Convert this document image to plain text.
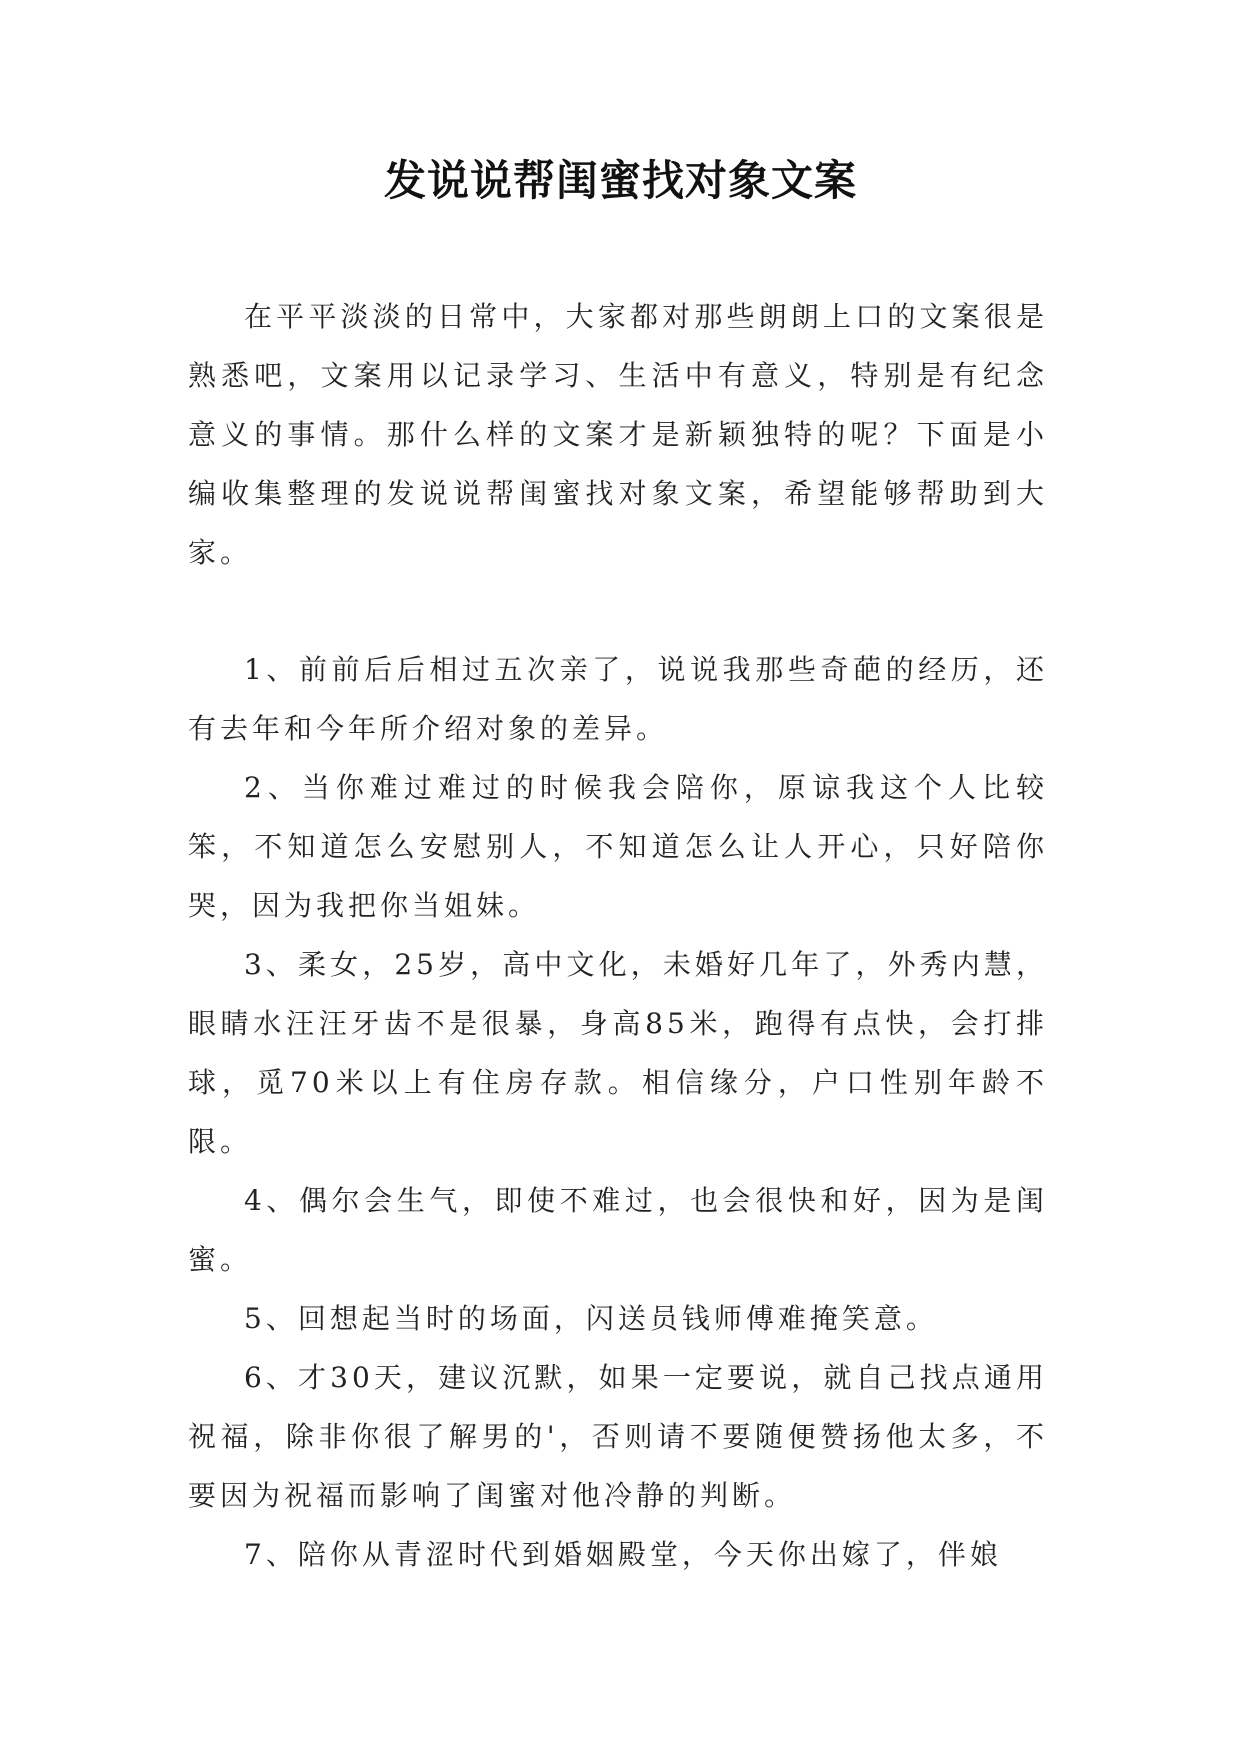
发说说帮闺蜜找对象文案

在平平淡淡的日常中，大家都对那些朗朗上口的文案很是熟悉吧，文案用以记录学习、生活中有意义，特别是有纪念意义的事情。那什么样的文案才是新颖独特的呢？下面是小编收集整理的发说说帮闺蜜找对象文案，希望能够帮助到大家。

1、前前后后相过五次亲了，说说我那些奇葩的经历，还有去年和今年所介绍对象的差异。

2、当你难过难过的时候我会陪你，原谅我这个人比较笨，不知道怎么安慰别人，不知道怎么让人开心，只好陪你哭，因为我把你当姐妹。

3、柔女，25岁，高中文化，未婚好几年了，外秀内慧，眼睛水汪汪牙齿不是很暴，身高85米，跑得有点快，会打排球，觅70米以上有住房存款。相信缘分，户口性别年龄不限。

4、偶尔会生气，即使不难过，也会很快和好，因为是闺蜜。

5、回想起当时的场面，闪送员钱师傅难掩笑意。

6、才30天，建议沉默，如果一定要说，就自己找点通用祝福，除非你很了解男的'，否则请不要随便赞扬他太多，不要因为祝福而影响了闺蜜对他冷静的判断。

7、陪你从青涩时代到婚姻殿堂，今天你出嫁了，伴娘
